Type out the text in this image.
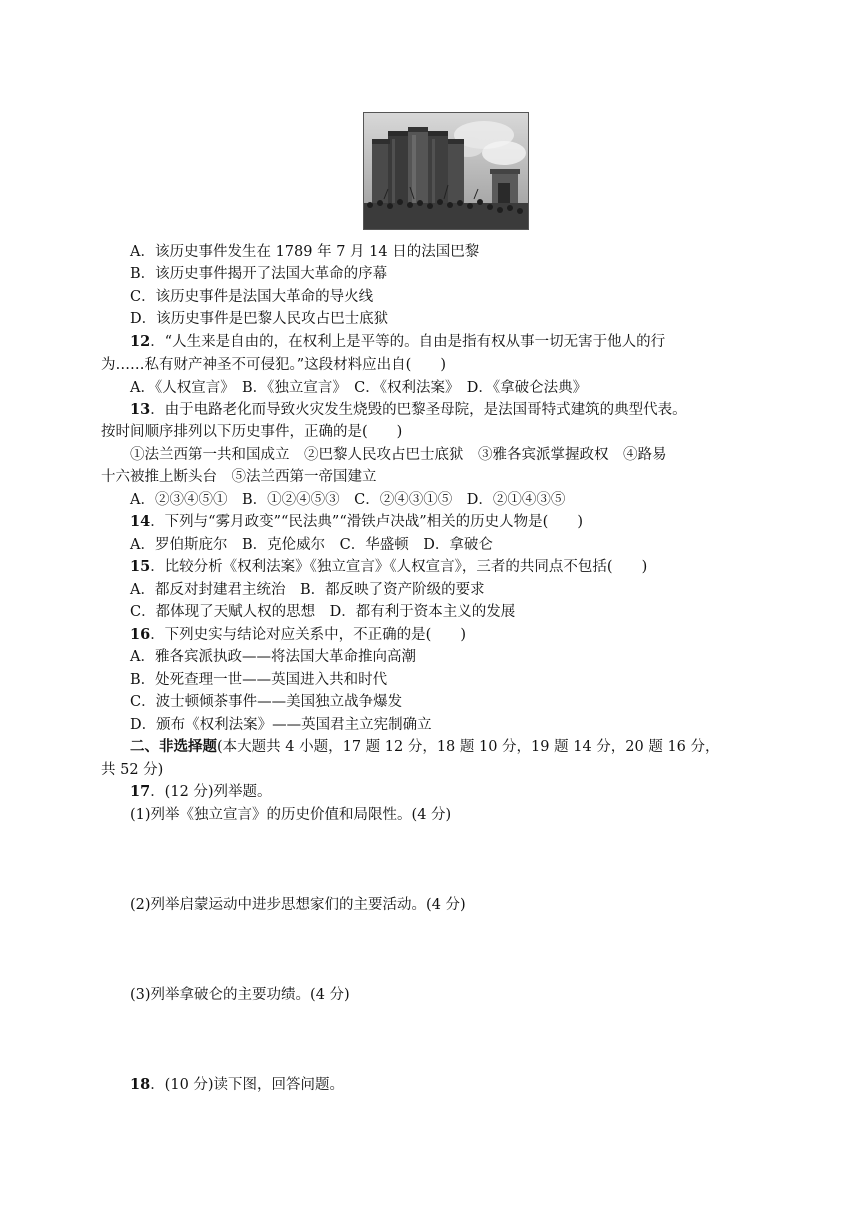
A．该历史事件发生在 1789 年 7 月 14 日的法国巴黎
B．该历史事件揭开了法国大革命的序幕
C．该历史事件是法国大革命的导火线
D．该历史事件是巴黎人民攻占巴士底狱
12．“人生来是自由的，在权利上是平等的。自由是指有权从事一切无害于他人的行
为……私有财产神圣不可侵犯。”这段材料应出自(　　)
A．《人权宣言》　B．《独立宣言》　C．《权利法案》　D．《拿破仑法典》
13．由于电路老化而导致火灾发生烧毁的巴黎圣母院，是法国哥特式建筑的典型代表。
按时间顺序排列以下历史事件，正确的是(　　)
①法兰西第一共和国成立　②巴黎人民攻占巴士底狱　③雅各宾派掌握政权　④路易
十六被推上断头台　⑤法兰西第一帝国建立
A．②③④⑤①　B．①②④⑤③　C．②④③①⑤　D．②①④③⑤
14．下列与“雾月政变”“民法典”“滑铁卢决战”相关的历史人物是(　　)
A．罗伯斯庇尔　B．克伦威尔　C．华盛顿　D．拿破仑
15．比较分析《权利法案》《独立宣言》《人权宣言》，三者的共同点不包括(　　)
A．都反对封建君主统治　B．都反映了资产阶级的要求
C．都体现了天赋人权的思想　D．都有利于资本主义的发展
16．下列史实与结论对应关系中，不正确的是(　　)
A．雅各宾派执政——将法国大革命推向高潮
B．处死查理一世——英国进入共和时代
C．波士顿倾茶事件——美国独立战争爆发
D．颁布《权利法案》——英国君主立宪制确立
二、非选择题(本大题共 4 小题，17 题 12 分，18 题 10 分，19 题 14 分，20 题 16 分，
共 52 分)
17．(12 分)列举题。
(1)列举《独立宣言》的历史价值和局限性。(4 分)
(2)列举启蒙运动中进步思想家们的主要活动。(4 分)
(3)列举拿破仑的主要功绩。(4 分)
18．(10 分)读下图，回答问题。
